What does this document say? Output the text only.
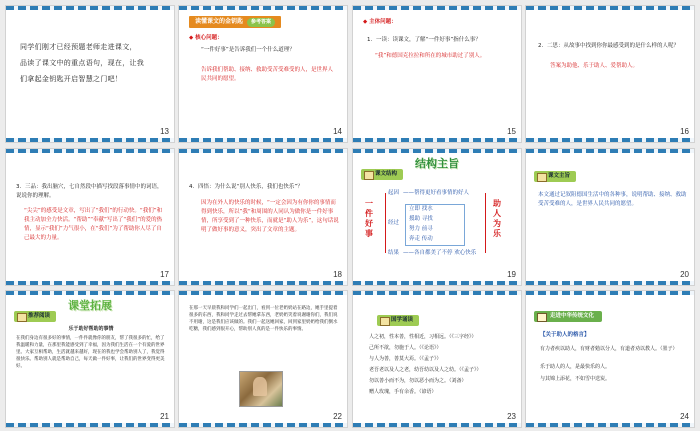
同学们刚才已经预题老师走进课文，
品读了课文中的重点语句，现在，让我
们拿起金钥匙开启智慧之门吧！
13
读懂课文的金钥匙 参考答案
◆ 核心问题：
“一件好事”是告诉我们一个什么道理？
告诉我们帮助、接纳、救助受苦受难受的人，是世界人民共同的愿望。
14
◆ 主体问题：
1．一读：读课文，了解“一件好事”指什么事？
“我”和德国克拉拉和所在的城市助过了别人。
15
2．二思：从故事中找到你你最感受到的是什么样的人呢？
答案为助他、乐于助人、爱帮助人。
16
3．三品：我出脑穴，七自然段中描写找段落事情中的词语，说说你的理解。
“尖尖”的感受是文章，写出了“我们”的行动快。“我们”和我主动加全力快活。“帮助”“奉献”写出了“我们”的爱的热情，显示“我们”力气很小，在“我们”为了帮助你人尽了自己最大的力量。
17
4．四悟：为什么说“别人快乐，我们也快乐”？
因为在外人的快乐的时候，“一定会因为有你你的事情而得到快乐，所以”我“和周围的人同认为做你是一件好事情，所享受到了一种快乐，而就是“助人为乐”，这句话说明了做好事的意义，突出了文章的主题。
18
结构主旨
课文结构
一件好事
起因 ——帮得更好看事情的好人
经过
立即 找水
援助 寻找
努力 前寻
奔走 传动
结果 ——各自都美了不停 欢心快乐
助人为乐
19
课文主旨
本文通过记叙阻德国生活中的各种事，说明帮助、接纳、救助受苦受难的人，是世界人民共同的愿望。
20
课堂拓展
推荐阅读
乐于助好帮助的事情
在我们身边有很多好的事情，一件件就像你的朋友，帮了我很多的忙，给了我温暖和力量，在那里我能感受到了幸福，因为我们生活在一个有爱的世界里。大家互相帮助，生活就越来越好，现在的我也学会帮助别人了，我觉得很快乐。帮助别人就是帮助自己，每天做一件好事，让我们的世界变得更美好。
21
在那一天早晨我和同学们一起出门，看到一位老奶奶站在路边，她手里提着很多的东西，我和同学走过去帮她拿东西，老奶奶笑着说谢谢你们，我们说不用谢，这是我们应该做的。我们一起送她回家，回到家里奶奶给我们倒水吃糖，我们感到很开心，帮助别人真的是一件快乐的事情。
22
国学诵读
人之初，性本善，性相近，习相远。（《三字经》）
己所不欲，勿施于人。（《论语》）
与人为善，善莫大焉。（《孟子》）
老吾老以及人之老，幼吾幼以及人之幼。（《孟子》）
勿以善小而不为，勿以恶小而为之。（刘备）
赠人玫瑰，手有余香。（谚语）
23
走进中华传统文化
【关于助人的格言】
有力者疾以助人，有财者勉以分人，有道者劝以教人。（墨子）
乐于助人的人，是最快乐的人。
与其锦上添花，不如雪中送炭。
24
